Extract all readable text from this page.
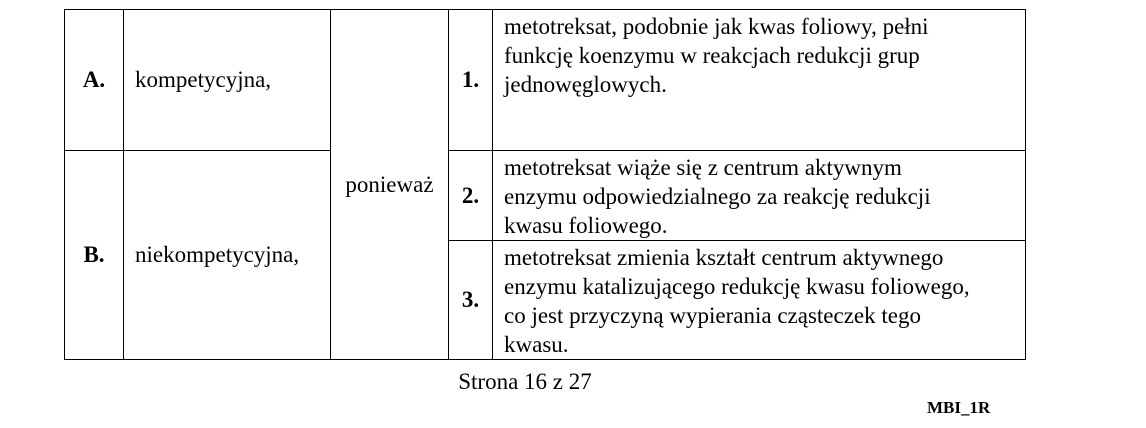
A.	kompetycyjna,	ponieważ	1.	metotreksat, podobnie jak kwas foliowy, pełni
funkcję koenzymu w reakcjach redukcji grup
jednowęglowych.

B.	niekompetycyjna,		2.	metotreksat wiąże się z centrum aktywnym
enzymu odpowiedzialnego za reakcję redukcji
kwasu foliowego.

			3.	metotreksat zmienia kształt centrum aktywnego
enzymu katalizującego redukcję kwasu foliowego,
co jest przyczyną wypierania cząsteczek tego
kwasu.

Strona 16 z 27
MBI_1R
